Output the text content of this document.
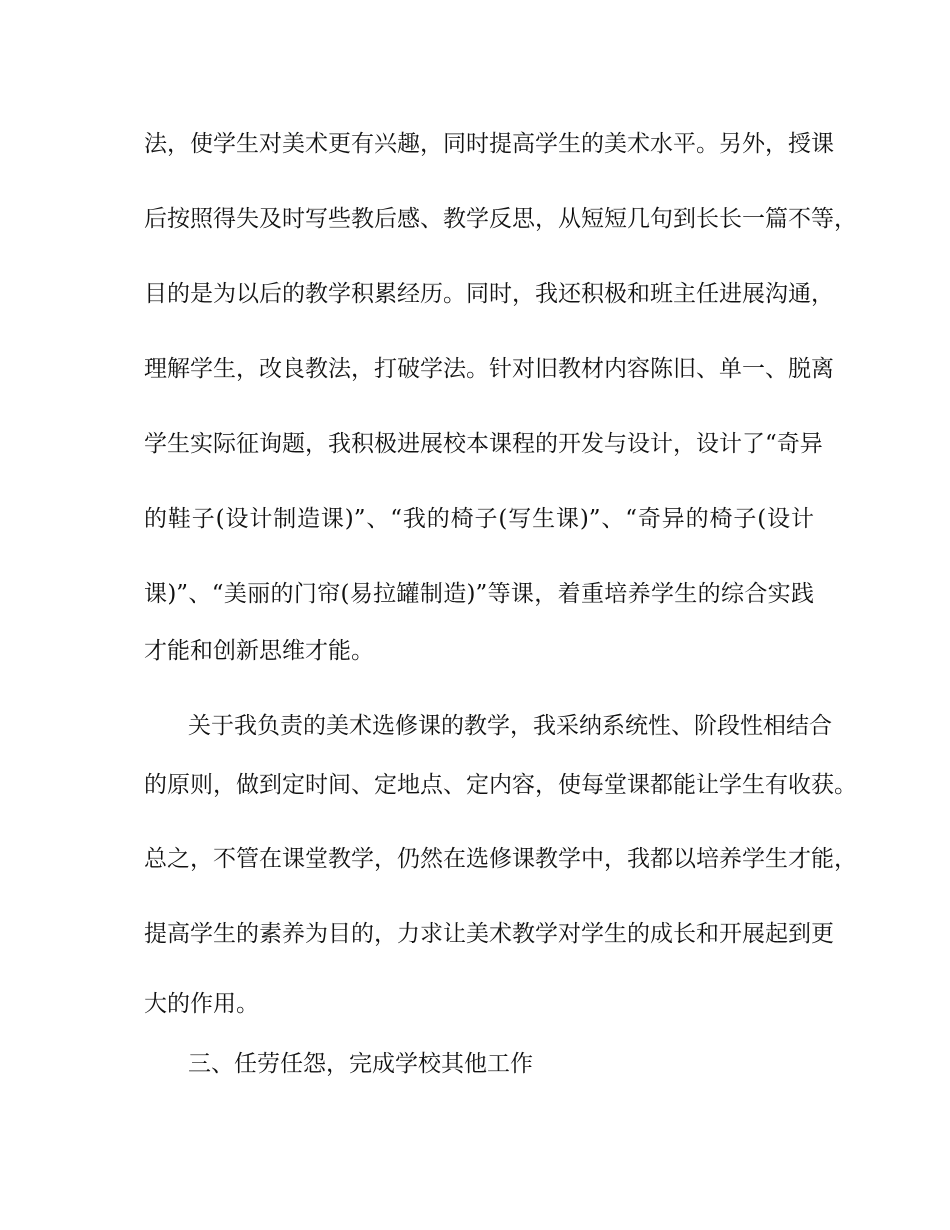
法，使学生对美术更有兴趣，同时提高学生的美术水平。另外，授课
后按照得失及时写些教后感、教学反思，从短短几句到长长一篇不等，
目的是为以后的教学积累经历。同时，我还积极和班主任进展沟通，
理解学生，改良教法，打破学法。针对旧教材内容陈旧、单一、脱离
学生实际征询题，我积极进展校本课程的开发与设计，设计了“奇异
的鞋子(设计制造课)”、“我的椅子(写生课)”、“奇异的椅子(设计
课)”、“美丽的门帘(易拉罐制造)”等课，着重培养学生的综合实践
才能和创新思维才能。
关于我负责的美术选修课的教学，我采纳系统性、阶段性相结合
的原则，做到定时间、定地点、定内容，使每堂课都能让学生有收获。
总之，不管在课堂教学，仍然在选修课教学中，我都以培养学生才能，
提高学生的素养为目的，力求让美术教学对学生的成长和开展起到更
大的作用。
三、任劳任怨，完成学校其他工作
